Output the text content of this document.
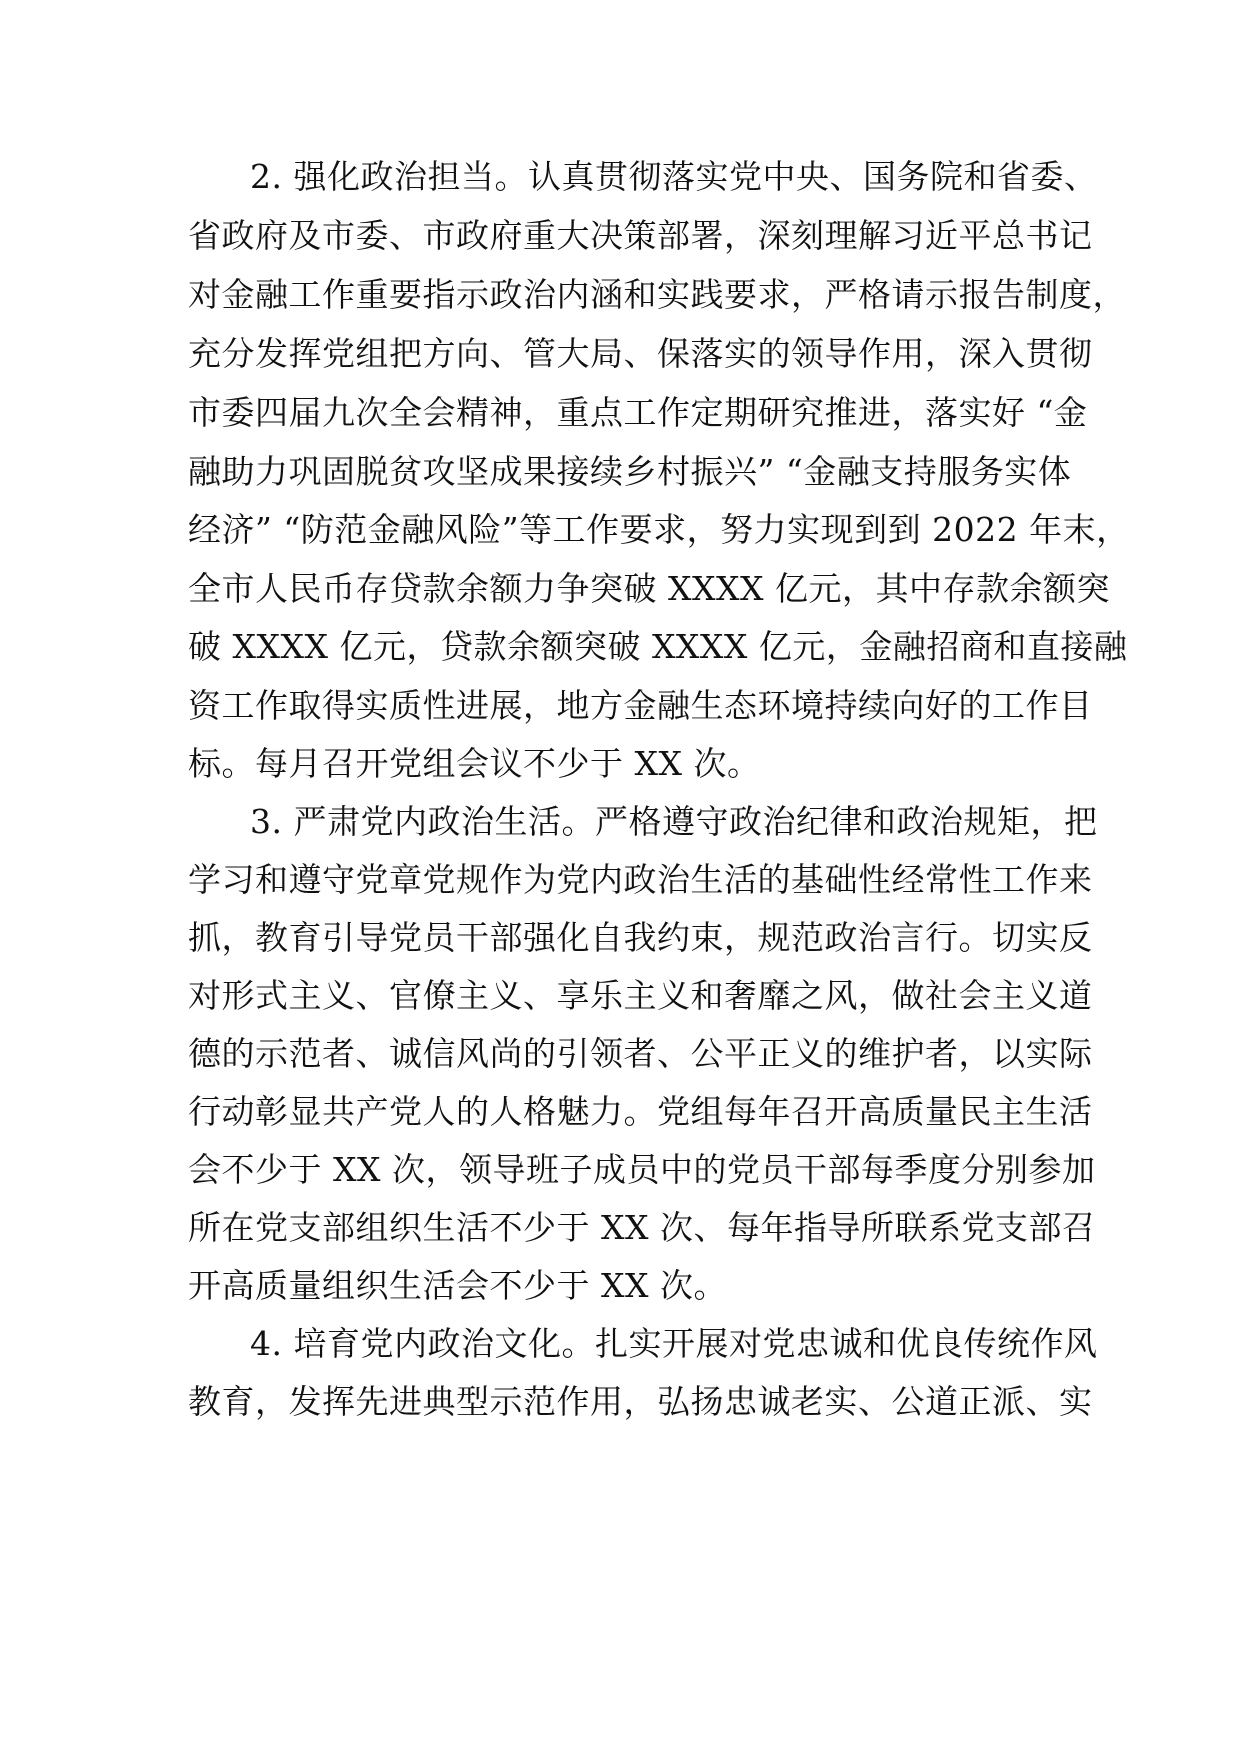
2. 强化政治担当。认真贯彻落实党中央、国务院和省委、
省政府及市委、市政府重大决策部署，深刻理解习近平总书记
对金融工作重要指示政治内涵和实践要求，严格请示报告制度，
充分发挥党组把方向、管大局、保落实的领导作用，深入贯彻
市委四届九次全会精神，重点工作定期研究推进，落实好 “金
融助力巩固脱贫攻坚成果接续乡村振兴” “金融支持服务实体
经济” “防范金融风险”等工作要求，努力实现到到 2022 年末，
全市人民币存贷款余额力争突破 XXXX 亿元，其中存款余额突
破 XXXX 亿元，贷款余额突破 XXXX 亿元，金融招商和直接融
资工作取得实质性进展，地方金融生态环境持续向好的工作目
标。每月召开党组会议不少于 XX 次。
3. 严肃党内政治生活。严格遵守政治纪律和政治规矩，把
学习和遵守党章党规作为党内政治生活的基础性经常性工作来
抓，教育引导党员干部强化自我约束，规范政治言行。切实反
对形式主义、官僚主义、享乐主义和奢靡之风，做社会主义道
德的示范者、诚信风尚的引领者、公平正义的维护者，以实际
行动彰显共产党人的人格魅力。党组每年召开高质量民主生活
会不少于 XX 次，领导班子成员中的党员干部每季度分别参加
所在党支部组织生活不少于 XX 次、每年指导所联系党支部召
开高质量组织生活会不少于 XX 次。
4. 培育党内政治文化。扎实开展对党忠诚和优良传统作风
教育，发挥先进典型示范作用，弘扬忠诚老实、公道正派、实
